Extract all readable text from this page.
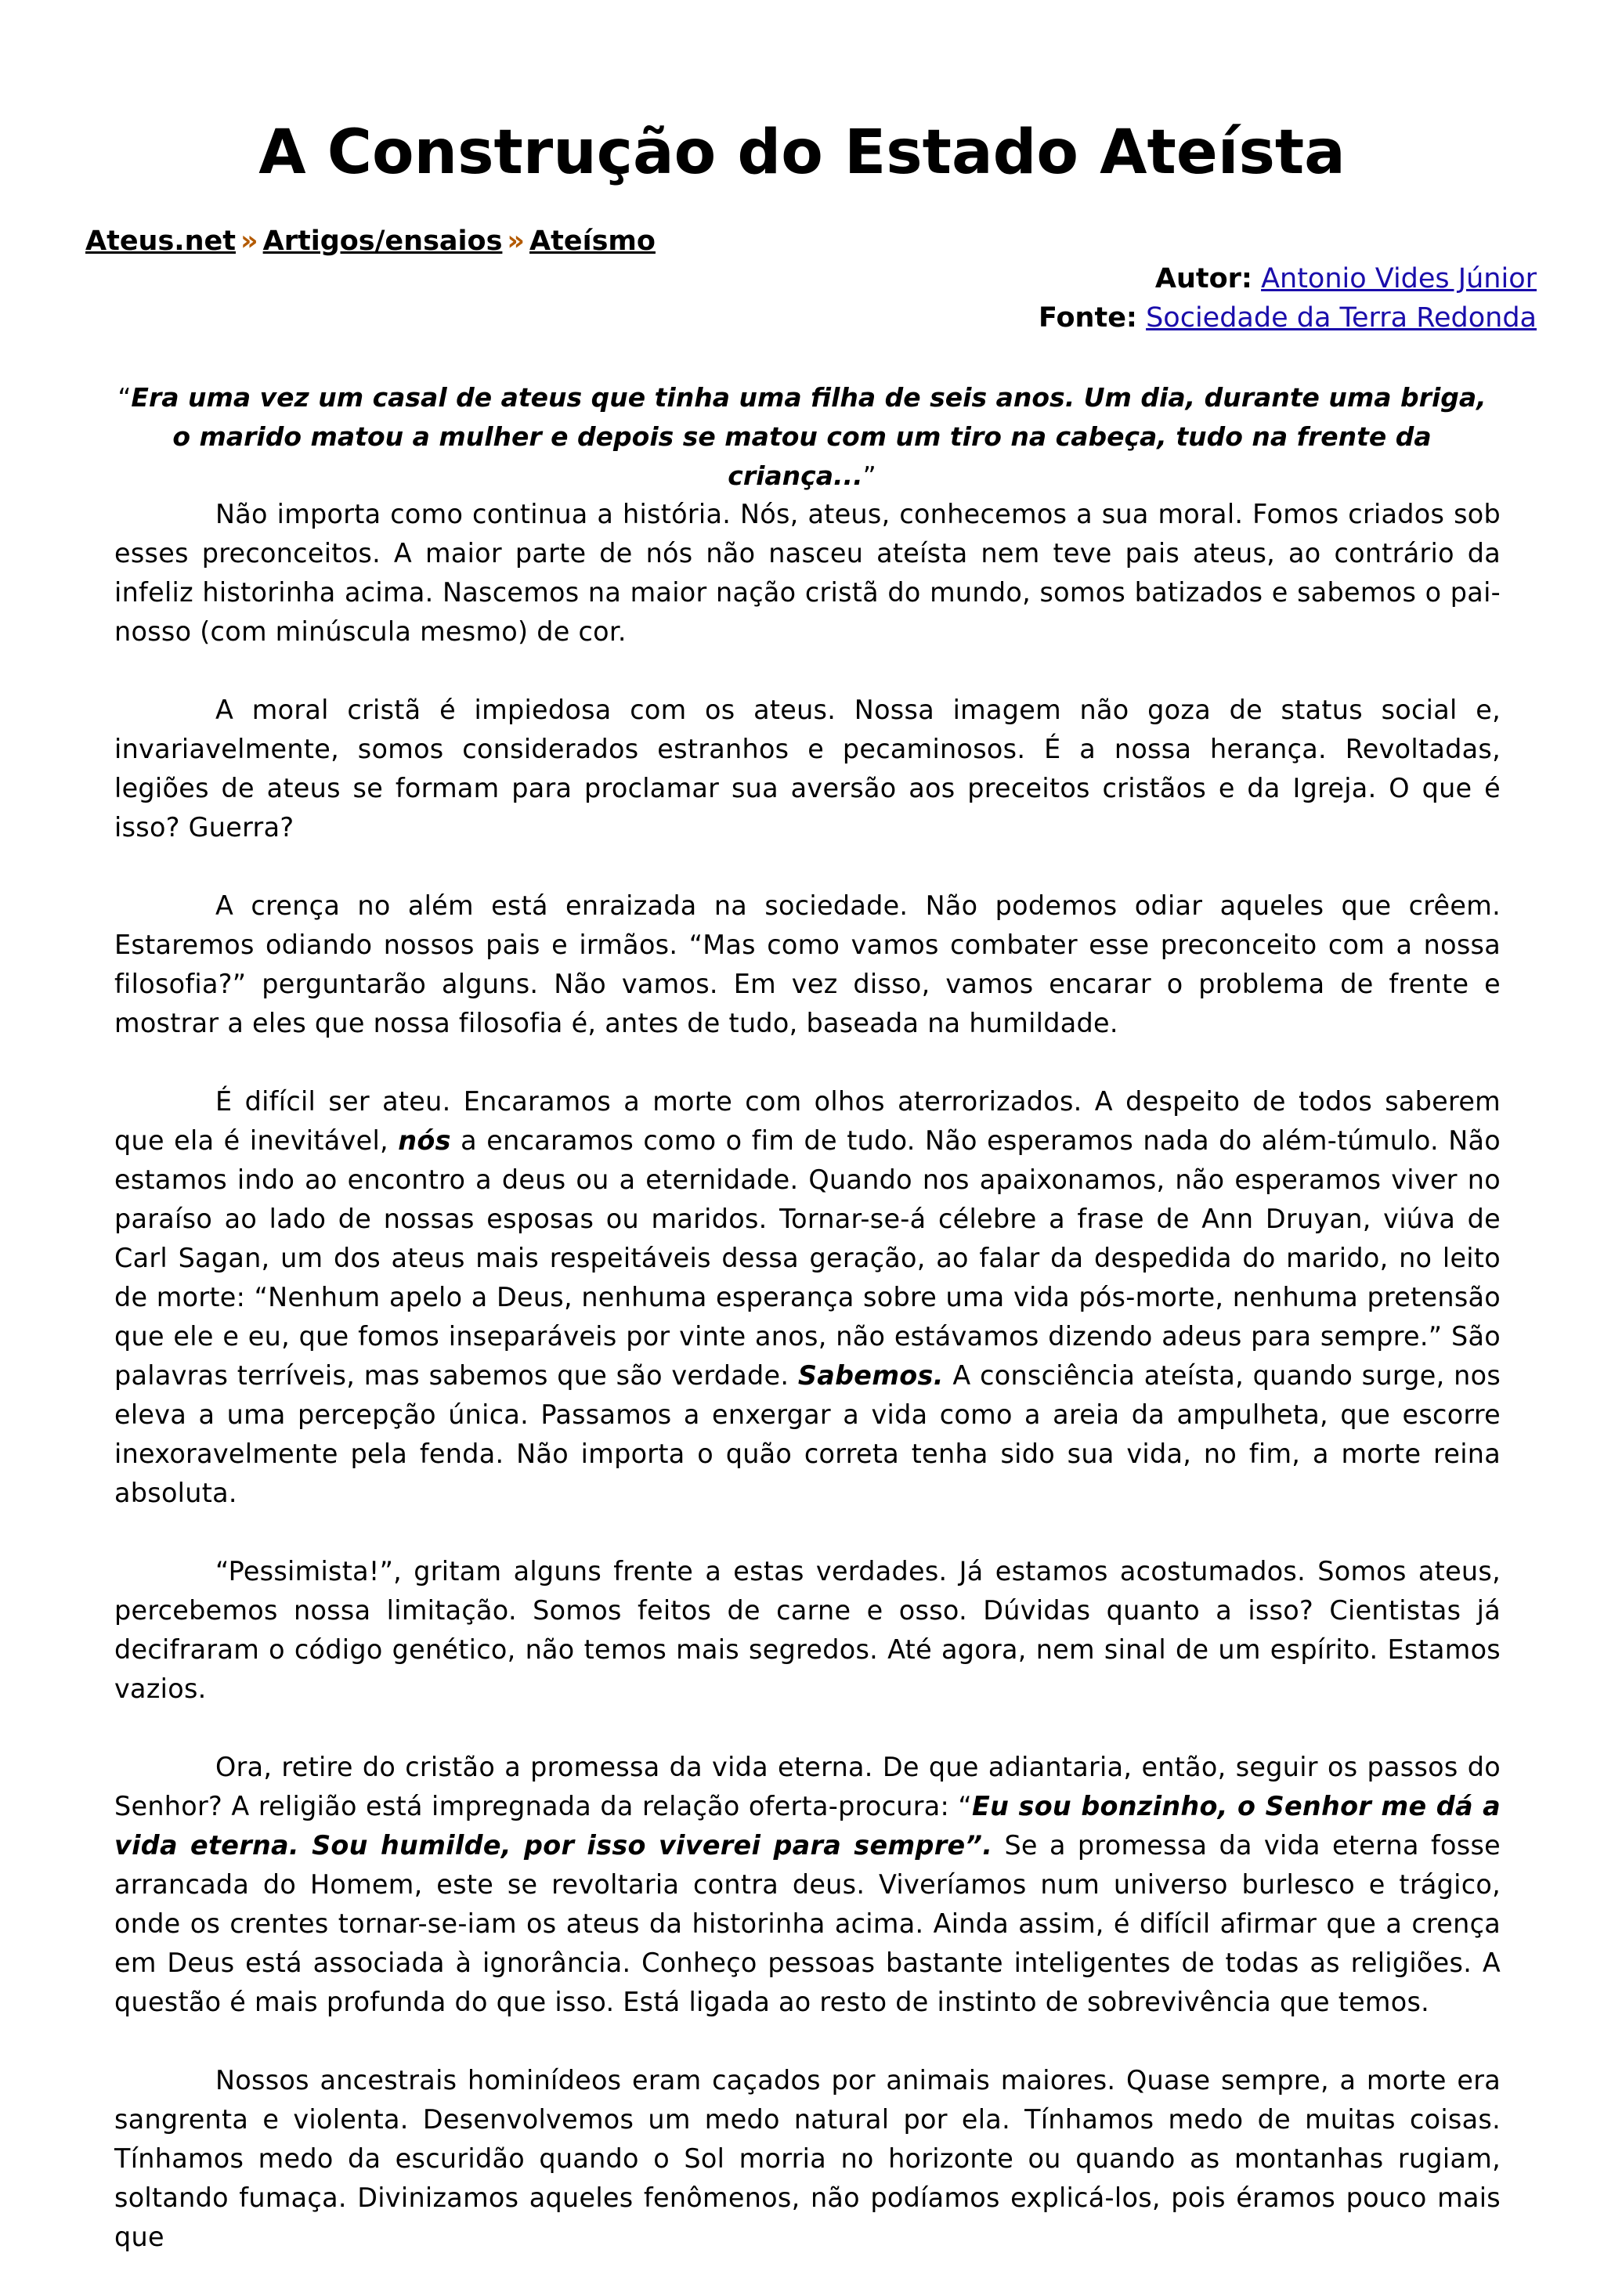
A Construção do Estado Ateísta
Ateus.net » Artigos/ensaios » Ateísmo
Autor: Antonio Vides Júnior
Fonte: Sociedade da Terra Redonda
“Era uma vez um casal de ateus que tinha uma filha de seis anos. Um dia, durante uma briga,
o marido matou a mulher e depois se matou com um tiro na cabeça, tudo na frente da criança...”

Não importa como continua a história. Nós, ateus, conhecemos a sua moral. Fomos criados sob esses preconceitos. A maior parte de nós não nasceu ateísta nem teve pais ateus, ao contrário da infeliz historinha acima. Nascemos na maior nação cristã do mundo, somos batizados e sabemos o pai-nosso (com minúscula mesmo) de cor.

A moral cristã é impiedosa com os ateus. Nossa imagem não goza de status social e, invariavelmente, somos considerados estranhos e pecaminosos. É a nossa herança. Revoltadas, legiões de ateus se formam para proclamar sua aversão aos preceitos cristãos e da Igreja. O que é isso? Guerra?

A crença no além está enraizada na sociedade. Não podemos odiar aqueles que crêem. Estaremos odiando nossos pais e irmãos. “Mas como vamos combater esse preconceito com a nossa filosofia?” perguntarão alguns. Não vamos. Em vez disso, vamos encarar o problema de frente e mostrar a eles que nossa filosofia é, antes de tudo, baseada na humildade.

É difícil ser ateu. Encaramos a morte com olhos aterrorizados. A despeito de todos saberem que ela é inevitável, nós a encaramos como o fim de tudo. Não esperamos nada do além-túmulo. Não estamos indo ao encontro a deus ou a eternidade. Quando nos apaixonamos, não esperamos viver no paraíso ao lado de nossas esposas ou maridos. Tornar-se-á célebre a frase de Ann Druyan, viúva de Carl Sagan, um dos ateus mais respeitáveis dessa geração, ao falar da despedida do marido, no leito de morte: “Nenhum apelo a Deus, nenhuma esperança sobre uma vida pós-morte, nenhuma pretensão que ele e eu, que fomos inseparáveis por vinte anos, não estávamos dizendo adeus para sempre.” São palavras terríveis, mas sabemos que são verdade. Sabemos. A consciência ateísta, quando surge, nos eleva a uma percepção única. Passamos a enxergar a vida como a areia da ampulheta, que escorre inexoravelmente pela fenda. Não importa o quão correta tenha sido sua vida, no fim, a morte reina absoluta.

“Pessimista!”, gritam alguns frente a estas verdades. Já estamos acostumados. Somos ateus, percebemos nossa limitação. Somos feitos de carne e osso. Dúvidas quanto a isso? Cientistas já decifraram o código genético, não temos mais segredos. Até agora, nem sinal de um espírito. Estamos vazios.

Ora, retire do cristão a promessa da vida eterna. De que adiantaria, então, seguir os passos do Senhor? A religião está impregnada da relação oferta-procura: “Eu sou bonzinho, o Senhor me dá a vida eterna. Sou humilde, por isso viverei para sempre”. Se a promessa da vida eterna fosse arrancada do Homem, este se revoltaria contra deus. Viveríamos num universo burlesco e trágico, onde os crentes tornar-se-iam os ateus da historinha acima. Ainda assim, é difícil afirmar que a crença em Deus está associada à ignorância. Conheço pessoas bastante inteligentes de todas as religiões. A questão é mais profunda do que isso. Está ligada ao resto de instinto de sobrevivência que temos.

Nossos ancestrais hominídeos eram caçados por animais maiores. Quase sempre, a morte era sangrenta e violenta. Desenvolvemos um medo natural por ela. Tínhamos medo de muitas coisas. Tínhamos medo da escuridão quando o Sol morria no horizonte ou quando as montanhas rugiam, soltando fumaça. Divinizamos aqueles fenômenos, não podíamos explicá-los, pois éramos pouco mais que
